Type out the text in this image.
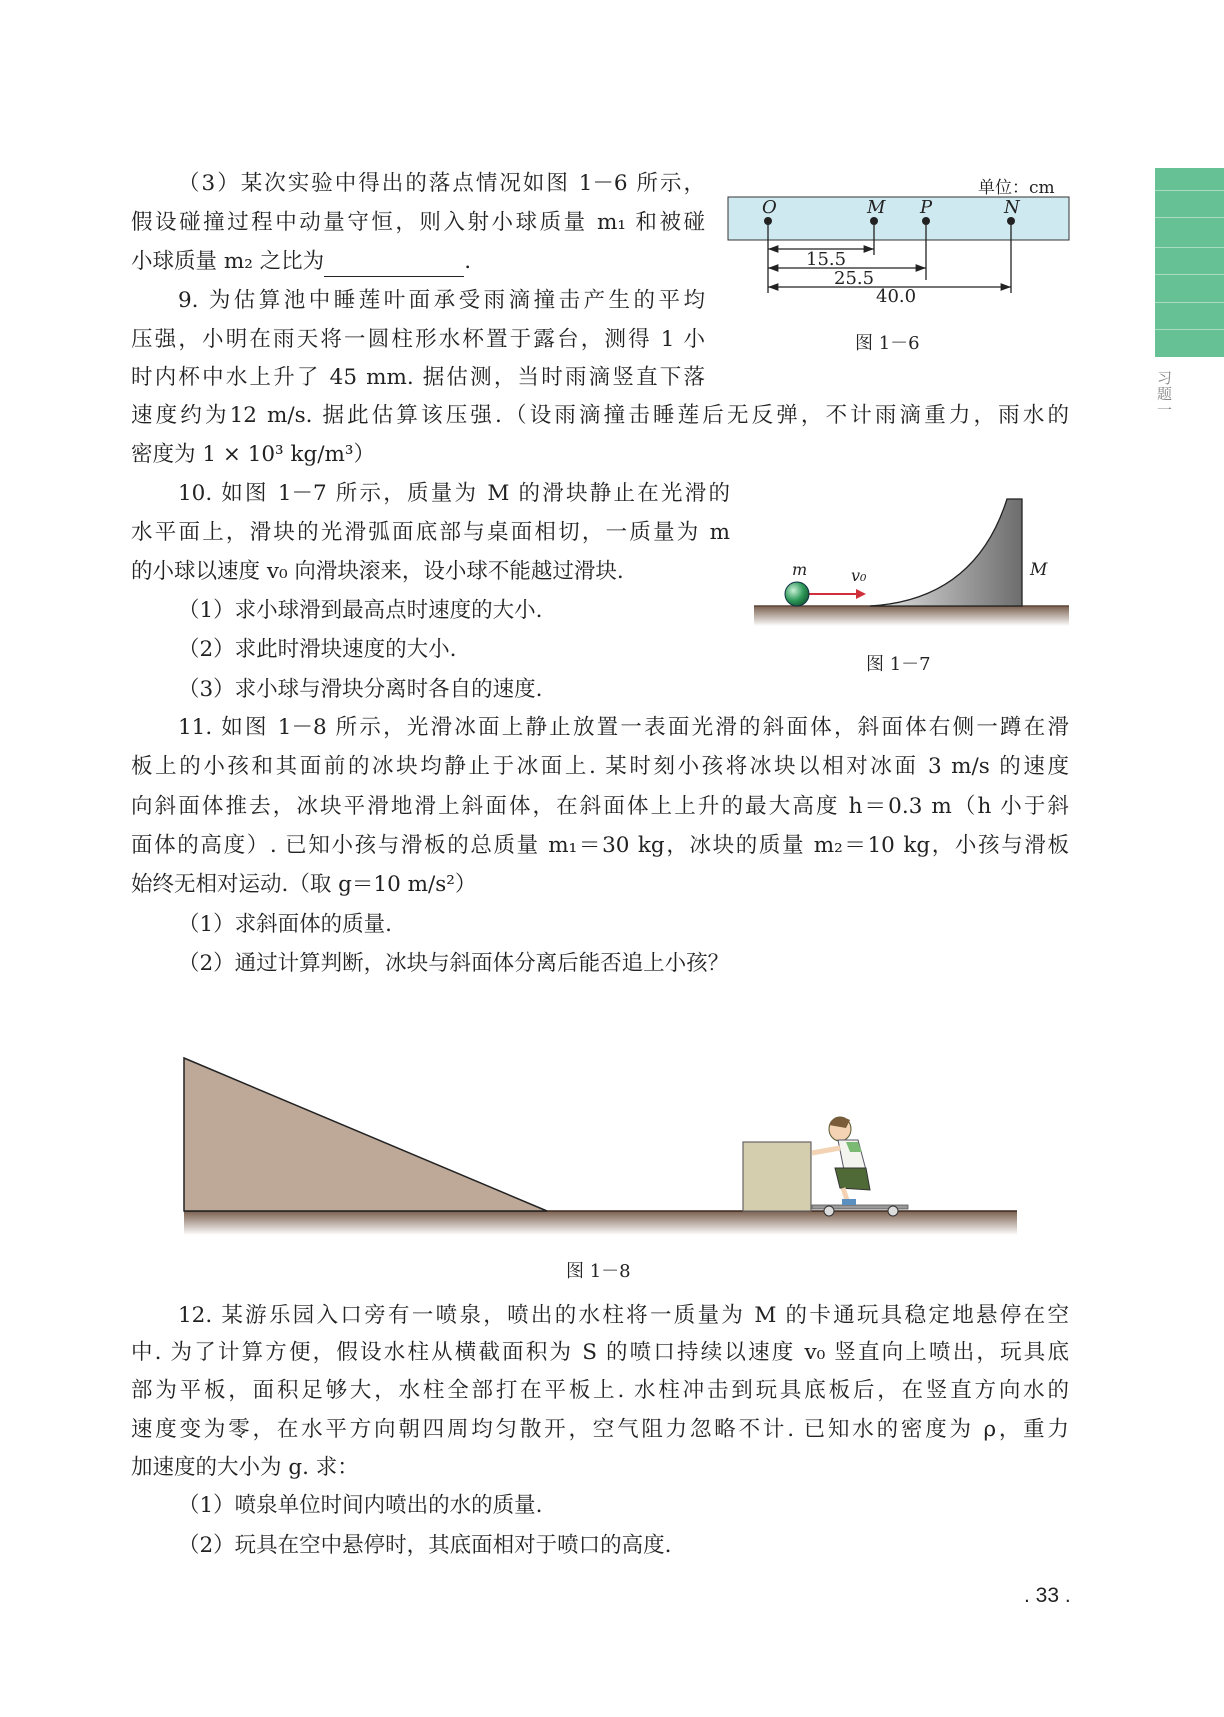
习题一
（3）某次实验中得出的落点情况如图 1－6 所示，
假设碰撞过程中动量守恒，则入射小球质量 m₁ 和被碰
小球质量 m₂ 之比为	.
9. 为估算池中睡莲叶面承受雨滴撞击产生的平均
压强，小明在雨天将一圆柱形水杯置于露台，测得 1 小
时内杯中水上升了 45 mm. 据估测，当时雨滴竖直下落
速度约为12 m/s. 据此估算该压强.（设雨滴撞击睡莲后无反弹，不计雨滴重力，雨水的
密度为 1 × 10³ kg/m³）
10. 如图 1－7 所示，质量为 M 的滑块静止在光滑的
水平面上，滑块的光滑弧面底部与桌面相切，一质量为 m
的小球以速度 v₀ 向滑块滚来，设小球不能越过滑块.
（1）求小球滑到最高点时速度的大小.
（2）求此时滑块速度的大小.
（3）求小球与滑块分离时各自的速度.
11. 如图 1－8 所示，光滑冰面上静止放置一表面光滑的斜面体，斜面体右侧一蹲在滑
板上的小孩和其面前的冰块均静止于冰面上. 某时刻小孩将冰块以相对冰面 3 m/s 的速度
向斜面体推去，冰块平滑地滑上斜面体，在斜面体上上升的最大高度 h＝0.3 m（h 小于斜
面体的高度）. 已知小孩与滑板的总质量 m₁＝30 kg，冰块的质量 m₂＝10 kg，小孩与滑板
始终无相对运动.（取 g＝10 m/s²）
（1）求斜面体的质量.
（2）通过计算判断，冰块与斜面体分离后能否追上小孩？
12. 某游乐园入口旁有一喷泉，喷出的水柱将一质量为 M 的卡通玩具稳定地悬停在空
中. 为了计算方便，假设水柱从横截面积为 S 的喷口持续以速度 v₀ 竖直向上喷出，玩具底
部为平板，面积足够大，水柱全部打在平板上. 水柱冲击到玩具底板后，在竖直方向水的
速度变为零，在水平方向朝四周均匀散开，空气阻力忽略不计. 已知水的密度为 ρ，重力
加速度的大小为 g. 求：
（1）喷泉单位时间内喷出的水的质量.
（2）玩具在空中悬停时，其底面相对于喷口的高度.
单位：cm
O	M P	N
15.5
25.5
40.0
图 1－6
m	v₀	M
图 1－7
图 1－8
. 33 .
